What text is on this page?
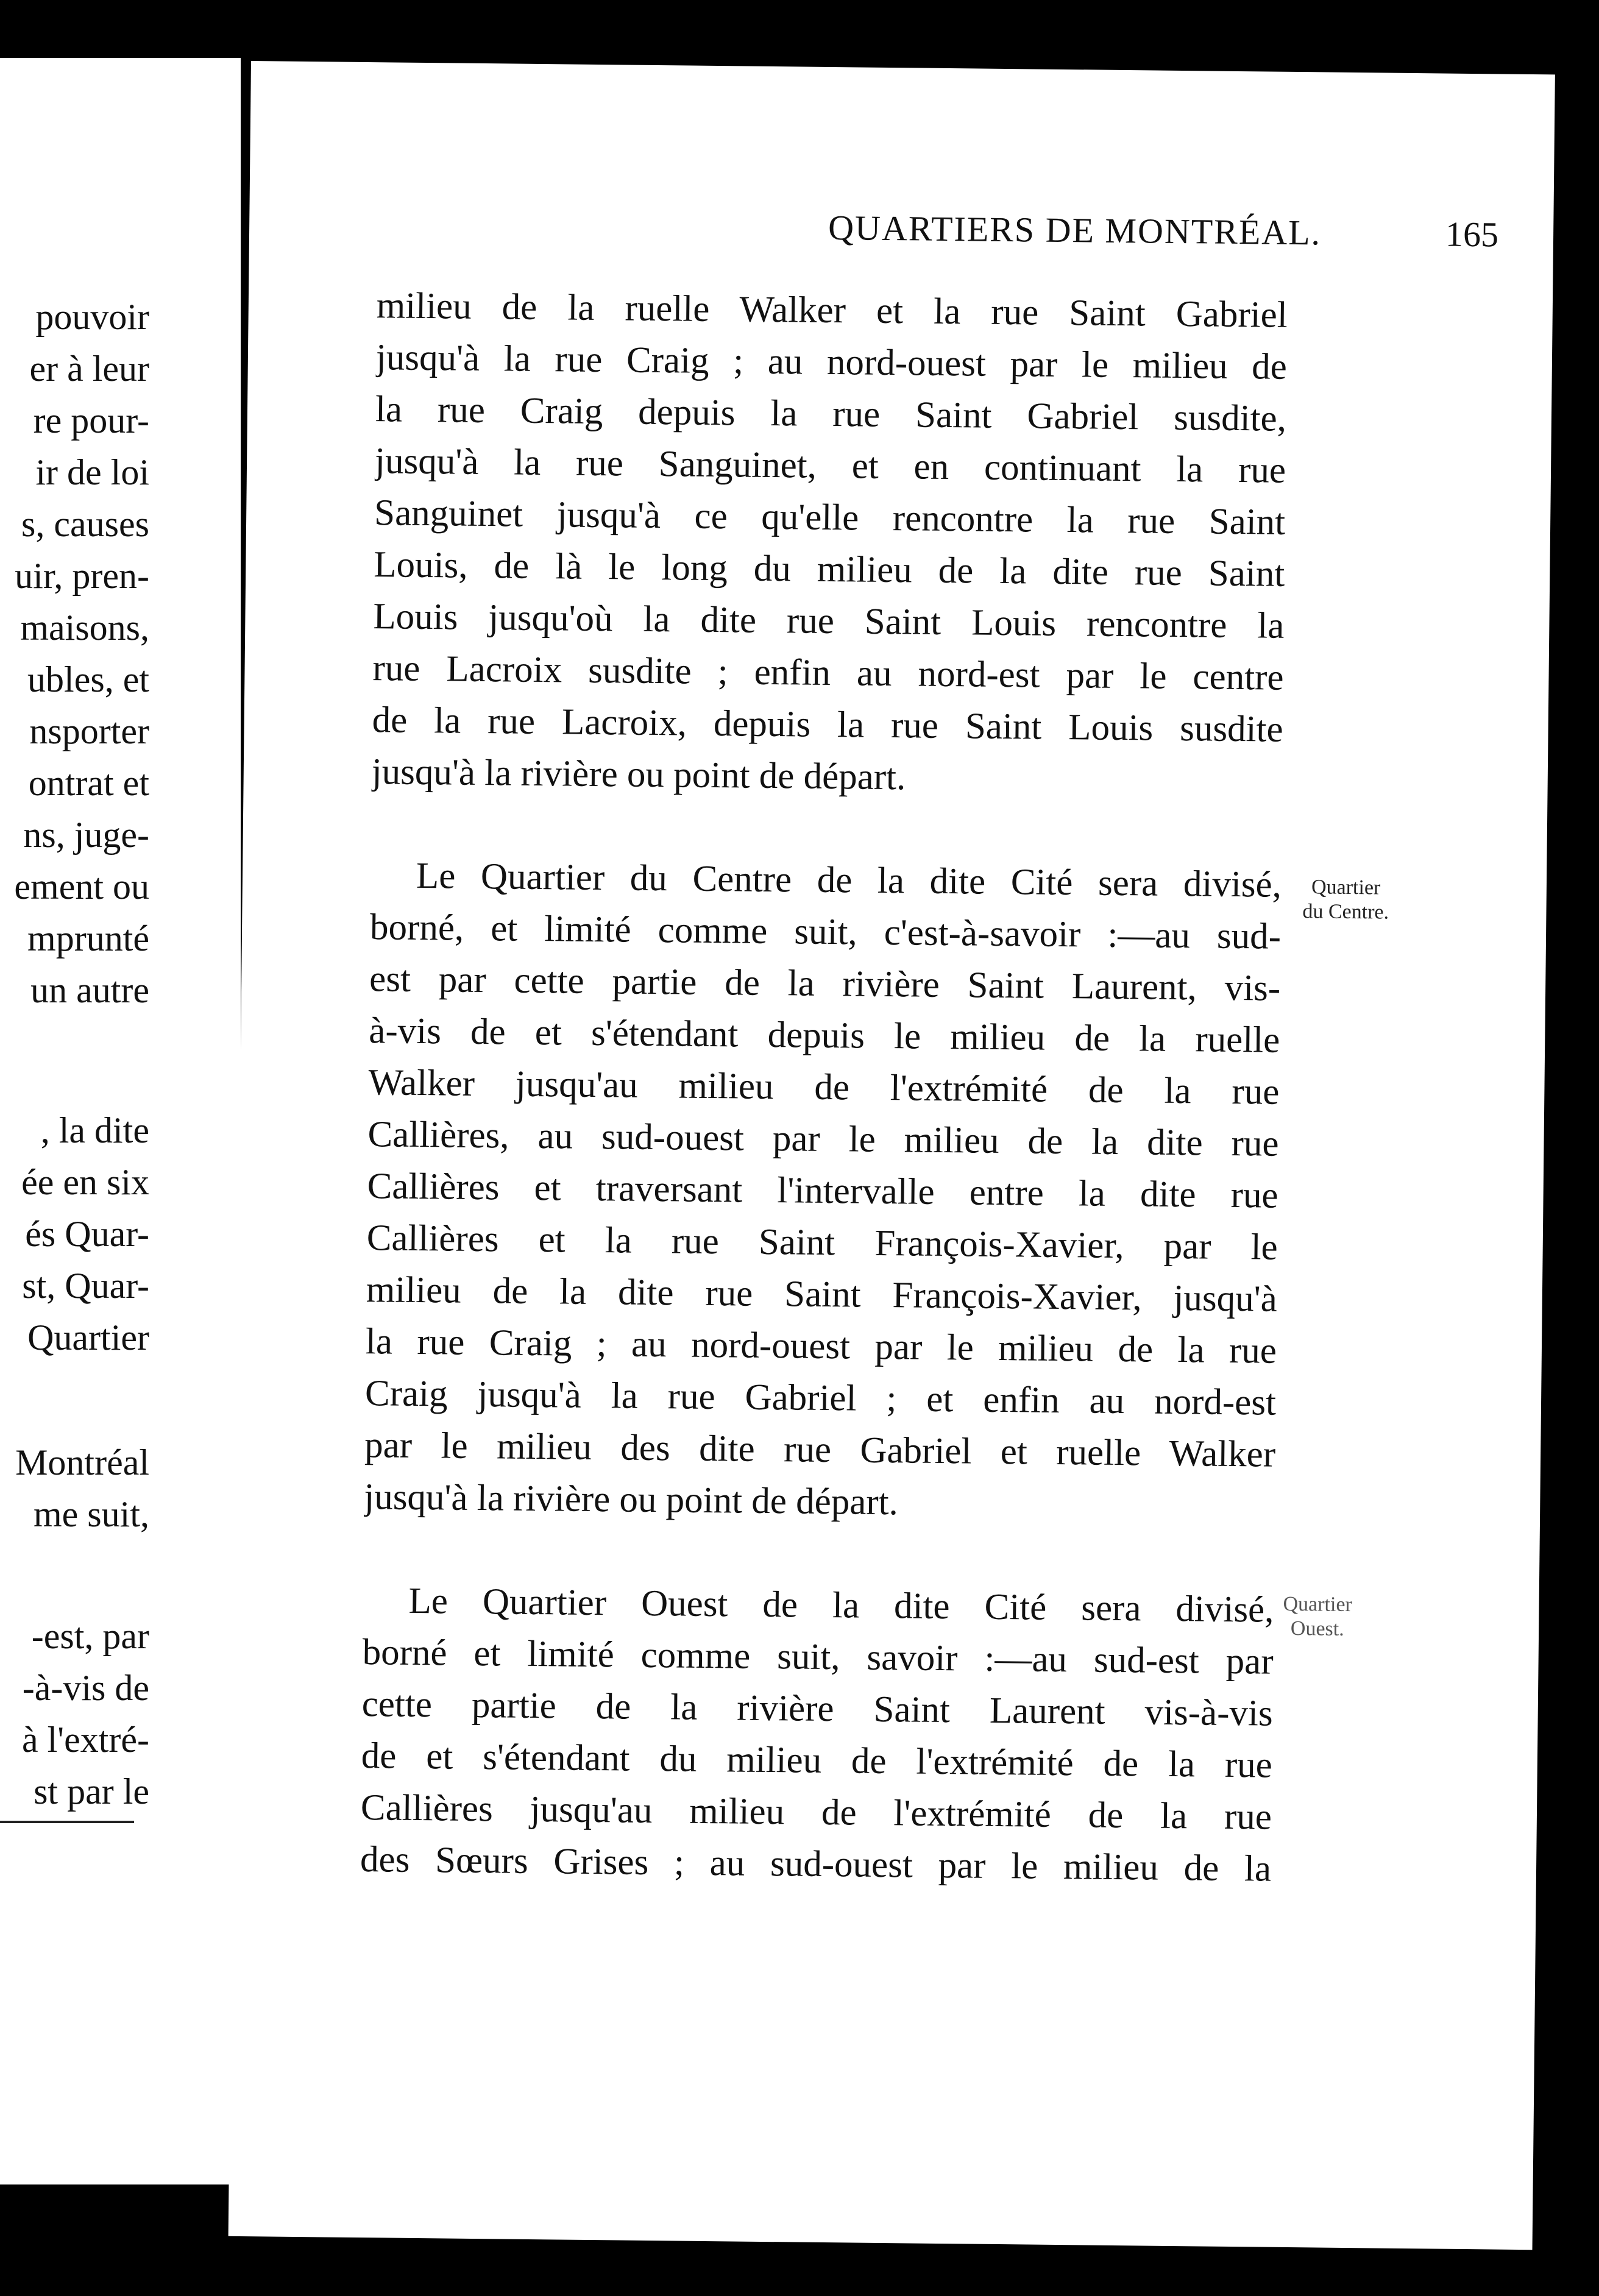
pouvoir
er à leur
re pour-
ir de loi
s, causes
uir, pren-
maisons,
ubles, et
nsporter
ontrat et
ns, juge-
ement ou
mprunté
un autre
, la dite
ée en six
és Quar-
st, Quar-
Quartier
Montréal
me suit,
-est, par
-à-vis de
à l'extré-
st par le
QUARTIERS DE MONTRÉAL.	165
milieu de la ruelle Walker et la rue Saint Gabriel
jusqu'à la rue Craig ; au nord-ouest par le milieu de
la rue Craig depuis la rue Saint Gabriel susdite,
jusqu'à la rue Sanguinet, et en continuant la rue
Sanguinet jusqu'à ce qu'elle rencontre la rue Saint
Louis, de là le long du milieu de la dite rue Saint
Louis jusqu'où la dite rue Saint Louis rencontre la
rue Lacroix susdite ; enfin au nord-est par le centre
de la rue Lacroix, depuis la rue Saint Louis susdite
jusqu'à la rivière ou point de départ.
Le Quartier du Centre de la dite Cité sera divisé,
borné, et limité comme suit, c'est-à-savoir :—au sud-
est par cette partie de la rivière Saint Laurent, vis-
à-vis de et s'étendant depuis le milieu de la ruelle
Walker jusqu'au milieu de l'extrémité de la rue
Callières, au sud-ouest par le milieu de la dite rue
Callières et traversant l'intervalle entre la dite rue
Callières et la rue Saint François-Xavier, par le
milieu de la dite rue Saint François-Xavier, jusqu'à
la rue Craig ; au nord-ouest par le milieu de la rue
Craig jusqu'à la rue Gabriel ; et enfin au nord-est
par le milieu des dite rue Gabriel et ruelle Walker
jusqu'à la rivière ou point de départ.
Quartier
du Centre.
Le Quartier Ouest de la dite Cité sera divisé,
borné et limité comme suit, savoir :—au sud-est par
cette partie de la rivière Saint Laurent vis-à-vis
de et s'étendant du milieu de l'extrémité de la rue
Callières jusqu'au milieu de l'extrémité de la rue
des Sœurs Grises ; au sud-ouest par le milieu de la
Quartier
Ouest.
